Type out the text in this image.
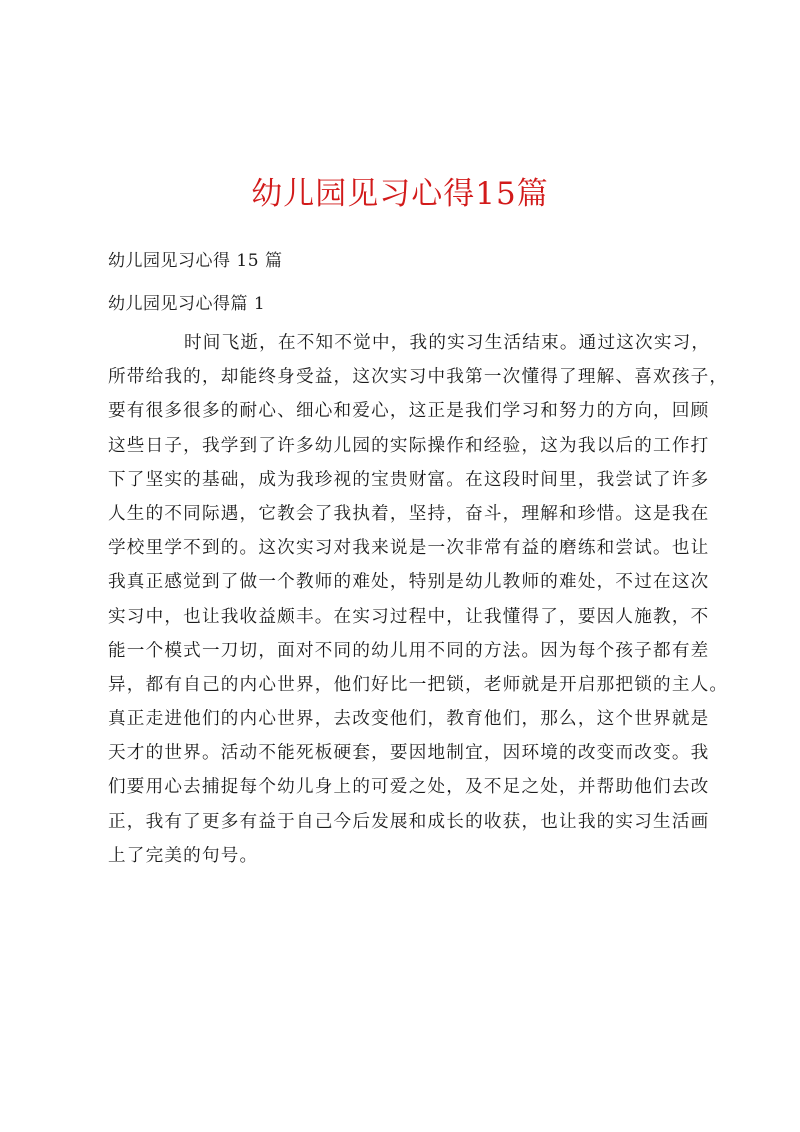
幼儿园见习心得15篇
幼儿园见习心得 15 篇
幼儿园见习心得篇 1
时间飞逝，在不知不觉中，我的实习生活结束。通过这次实习，
所带给我的，却能终身受益，这次实习中我第一次懂得了理解、喜欢孩子，
要有很多很多的耐心、细心和爱心，这正是我们学习和努力的方向，回顾
这些日子，我学到了许多幼儿园的实际操作和经验，这为我以后的工作打
下了坚实的基础，成为我珍视的宝贵财富。在这段时间里，我尝试了许多
人生的不同际遇，它教会了我执着，坚持，奋斗，理解和珍惜。这是我在
学校里学不到的。这次实习对我来说是一次非常有益的磨练和尝试。也让
我真正感觉到了做一个教师的难处，特别是幼儿教师的难处，不过在这次
实习中，也让我收益颇丰。在实习过程中，让我懂得了，要因人施教，不
能一个模式一刀切，面对不同的幼儿用不同的方法。因为每个孩子都有差
异，都有自己的内心世界，他们好比一把锁，老师就是开启那把锁的主人。
真正走进他们的内心世界，去改变他们，教育他们，那么，这个世界就是
天才的世界。活动不能死板硬套，要因地制宜，因环境的改变而改变。我
们要用心去捕捉每个幼儿身上的可爱之处，及不足之处，并帮助他们去改
正，我有了更多有益于自己今后发展和成长的收获，也让我的实习生活画
上了完美的句号。
